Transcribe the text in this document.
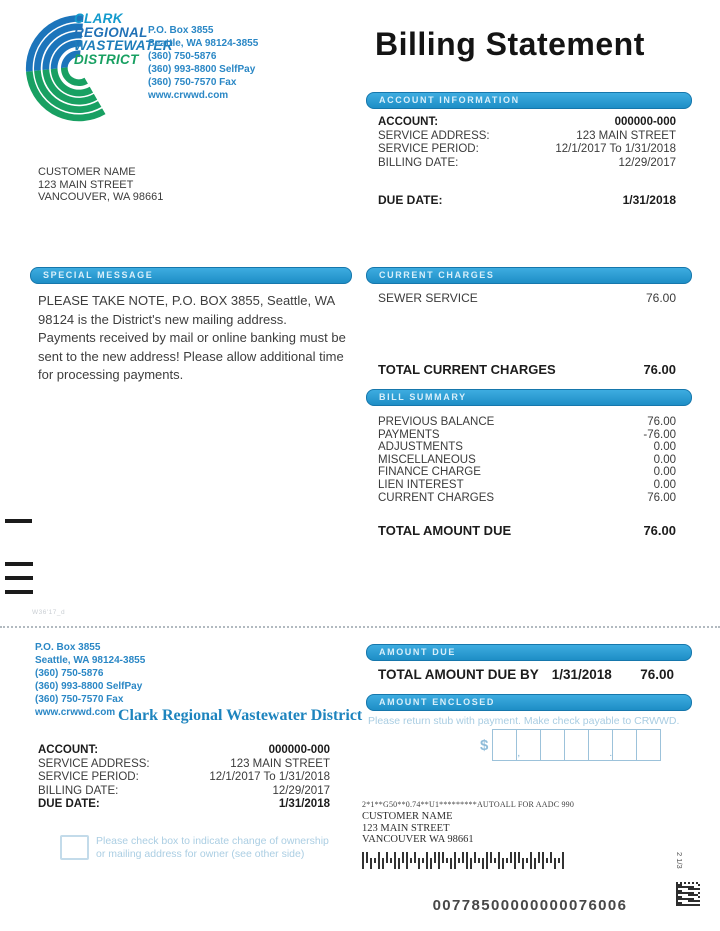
CLARK
REGIONAL
WASTEWATER
DISTRICT
P.O. Box 3855
Seattle, WA 98124-3855
(360) 750-5876
(360) 993-8800 SelfPay
(360) 750-7570 Fax
www.crwwd.com
Billing Statement
ACCOUNT INFORMATION
ACCOUNT:	000000-000
SERVICE ADDRESS:	123 MAIN STREET
SERVICE PERIOD:	12/1/2017 To 1/31/2018
BILLING DATE:	12/29/2017
DUE DATE:	1/31/2018
CUSTOMER NAME
123 MAIN STREET
VANCOUVER, WA 98661
SPECIAL MESSAGE
PLEASE TAKE NOTE, P.O. BOX 3855, Seattle, WA 98124 is the District's new mailing address. Payments received by mail or online banking must be sent to the new address! Please allow additional time for processing payments.
CURRENT CHARGES
SEWER SERVICE	76.00
TOTAL CURRENT CHARGES	76.00
BILL SUMMARY
PREVIOUS BALANCE	76.00
PAYMENTS	-76.00
ADJUSTMENTS	0.00
MISCELLANEOUS	0.00
FINANCE CHARGE	0.00
LIEN INTEREST	0.00
CURRENT CHARGES	76.00
TOTAL AMOUNT DUE	76.00
W36'17_d
P.O. Box 3855
Seattle, WA 98124-3855
(360) 750-5876
(360) 993-8800 SelfPay
(360) 750-7570 Fax
www.crwwd.com Clark Regional Wastewater District
ACCOUNT:	000000-000
SERVICE ADDRESS:	123 MAIN STREET
SERVICE PERIOD:	12/1/2017 To 1/31/2018
BILLING DATE:	12/29/2017
DUE DATE:	1/31/2018
Please check box to indicate change of ownership
or mailing address for owner (see other side)
AMOUNT DUE
TOTAL AMOUNT DUE BY 1/31/2018 76.00
AMOUNT ENCLOSED
Please return stub with payment. Make check payable to CRWWD.
$	,	.
2*1**G50**0.74**U1*********AUTOALL FOR AADC 990
CUSTOMER NAME
123 MAIN STREET
VANCOUVER WA 98661
2 1/3
00778500000000076006
